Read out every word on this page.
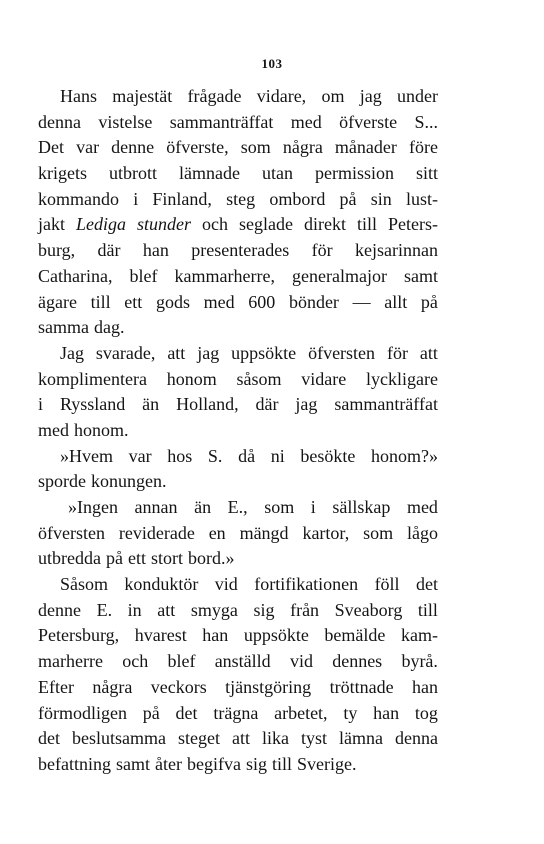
103
Hans majestät frågade vidare, om jag under
denna vistelse sammanträffat med öfverste S...
Det var denne öfverste, som några månader före
krigets utbrott lämnade utan permission sitt
kommando i Finland, steg ombord på sin lust-
jakt Lediga stunder och seglade direkt till Peters-
burg, där han presenterades för kejsarinnan
Catharina, blef kammarherre, generalmajor samt
ägare till ett gods med 600 bönder — allt på
samma dag.
Jag svarade, att jag uppsökte öfversten för att
komplimentera honom såsom vidare lyckligare
i Ryssland än Holland, där jag sammanträffat
med honom.
»Hvem var hos S. då ni besökte honom?»
sporde konungen.
»Ingen annan än E., som i sällskap med
öfversten reviderade en mängd kartor, som lågo
utbredda på ett stort bord.»
Såsom konduktör vid fortifikationen föll det
denne E. in att smyga sig från Sveaborg till
Petersburg, hvarest han uppsökte bemälde kam-
marherre och blef anställd vid dennes byrå.
Efter några veckors tjänstgöring tröttnade han
förmodligen på det trägna arbetet, ty han tog
det beslutsamma steget att lika tyst lämna denna
befattning samt åter begifva sig till Sverige.
